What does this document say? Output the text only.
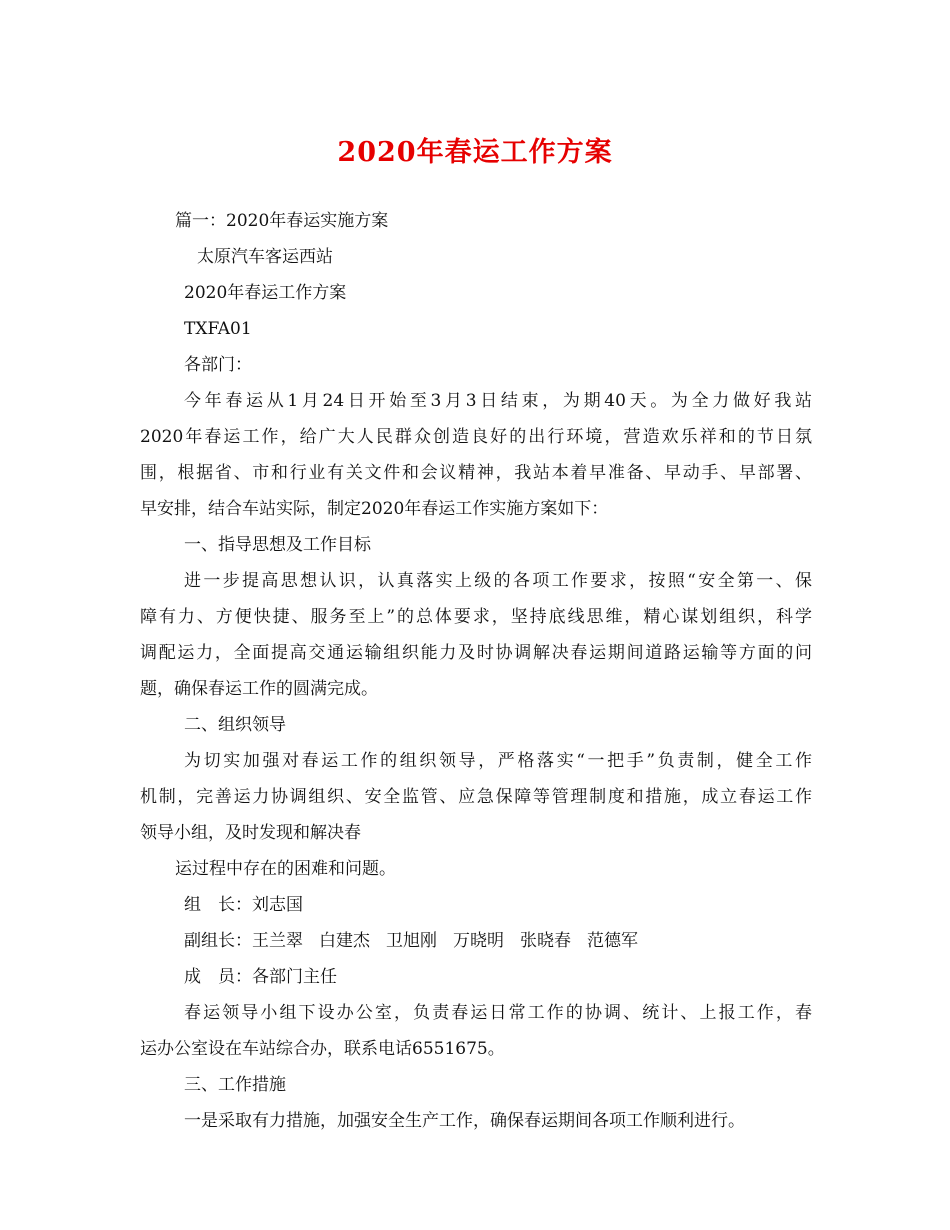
2020年春运工作方案

篇一：2020年春运实施方案

太原汽车客运西站

2020年春运工作方案

TXFA01

各部门：

今年春运从1月24日开始至3月3日结束，为期40天。为全力做好我站

2020年春运工作，给广大人民群众创造良好的出行环境，营造欢乐祥和的节日氛

围，根据省、市和行业有关文件和会议精神，我站本着早准备、早动手、早部署、

早安排，结合车站实际，制定2020年春运工作实施方案如下：

一、指导思想及工作目标

进一步提高思想认识，认真落实上级的各项工作要求，按照“安全第一、保

障有力、方便快捷、服务至上”的总体要求，坚持底线思维，精心谋划组织，科学

调配运力，全面提高交通运输组织能力及时协调解决春运期间道路运输等方面的问

题，确保春运工作的圆满完成。

二、组织领导

为切实加强对春运工作的组织领导，严格落实“一把手”负责制，健全工作

机制，完善运力协调组织、安全监管、应急保障等管理制度和措施，成立春运工作

领导小组，及时发现和解决春

运过程中存在的困难和问题。

组　长：刘志国

副组长：王兰翠 白建杰 卫旭刚 万晓明 张晓春 范德军

成　员：各部门主任

春运领导小组下设办公室，负责春运日常工作的协调、统计、上报工作，春

运办公室设在车站综合办，联系电话6551675。

三、工作措施

一是采取有力措施，加强安全生产工作，确保春运期间各项工作顺利进行。
